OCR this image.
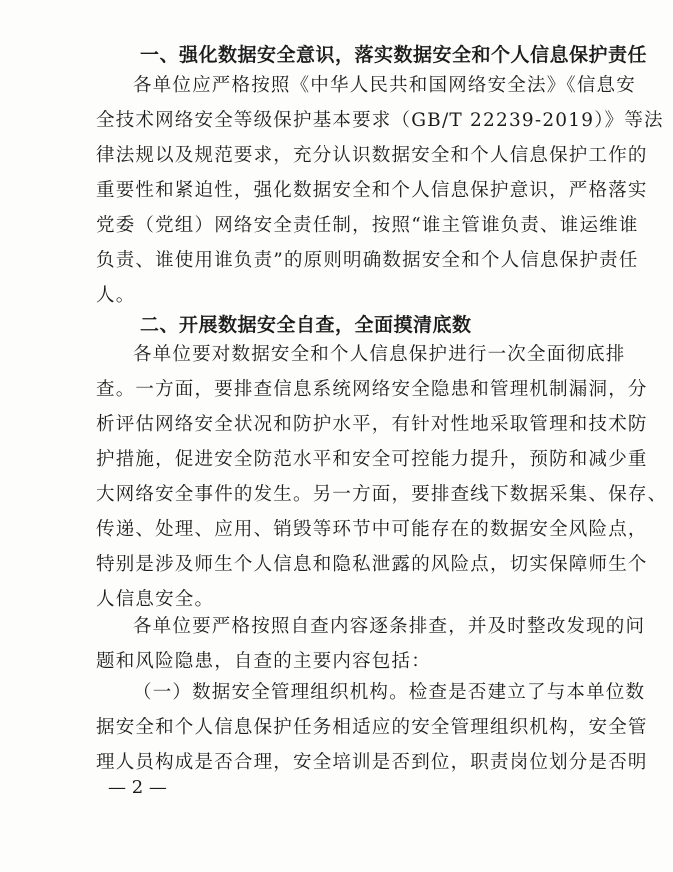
一、强化数据安全意识，落实数据安全和个人信息保护责任
各单位应严格按照《中华人民共和国网络安全法》《信息安
全技术网络安全等级保护基本要求（GB/T 22239-2019）》等法
律法规以及规范要求，充分认识数据安全和个人信息保护工作的
重要性和紧迫性，强化数据安全和个人信息保护意识，严格落实
党委（党组）网络安全责任制，按照“谁主管谁负责、谁运维谁
负责、谁使用谁负责”的原则明确数据安全和个人信息保护责任
人。
二、开展数据安全自查，全面摸清底数
各单位要对数据安全和个人信息保护进行一次全面彻底排
查。一方面，要排查信息系统网络安全隐患和管理机制漏洞，分
析评估网络安全状况和防护水平，有针对性地采取管理和技术防
护措施，促进安全防范水平和安全可控能力提升，预防和减少重
大网络安全事件的发生。另一方面，要排查线下数据采集、保存、
传递、处理、应用、销毁等环节中可能存在的数据安全风险点，
特别是涉及师生个人信息和隐私泄露的风险点，切实保障师生个
人信息安全。
各单位要严格按照自查内容逐条排查，并及时整改发现的问
题和风险隐患，自查的主要内容包括：
（一）数据安全管理组织机构。检查是否建立了与本单位数
据安全和个人信息保护任务相适应的安全管理组织机构，安全管
理人员构成是否合理，安全培训是否到位，职责岗位划分是否明
— 2 —
